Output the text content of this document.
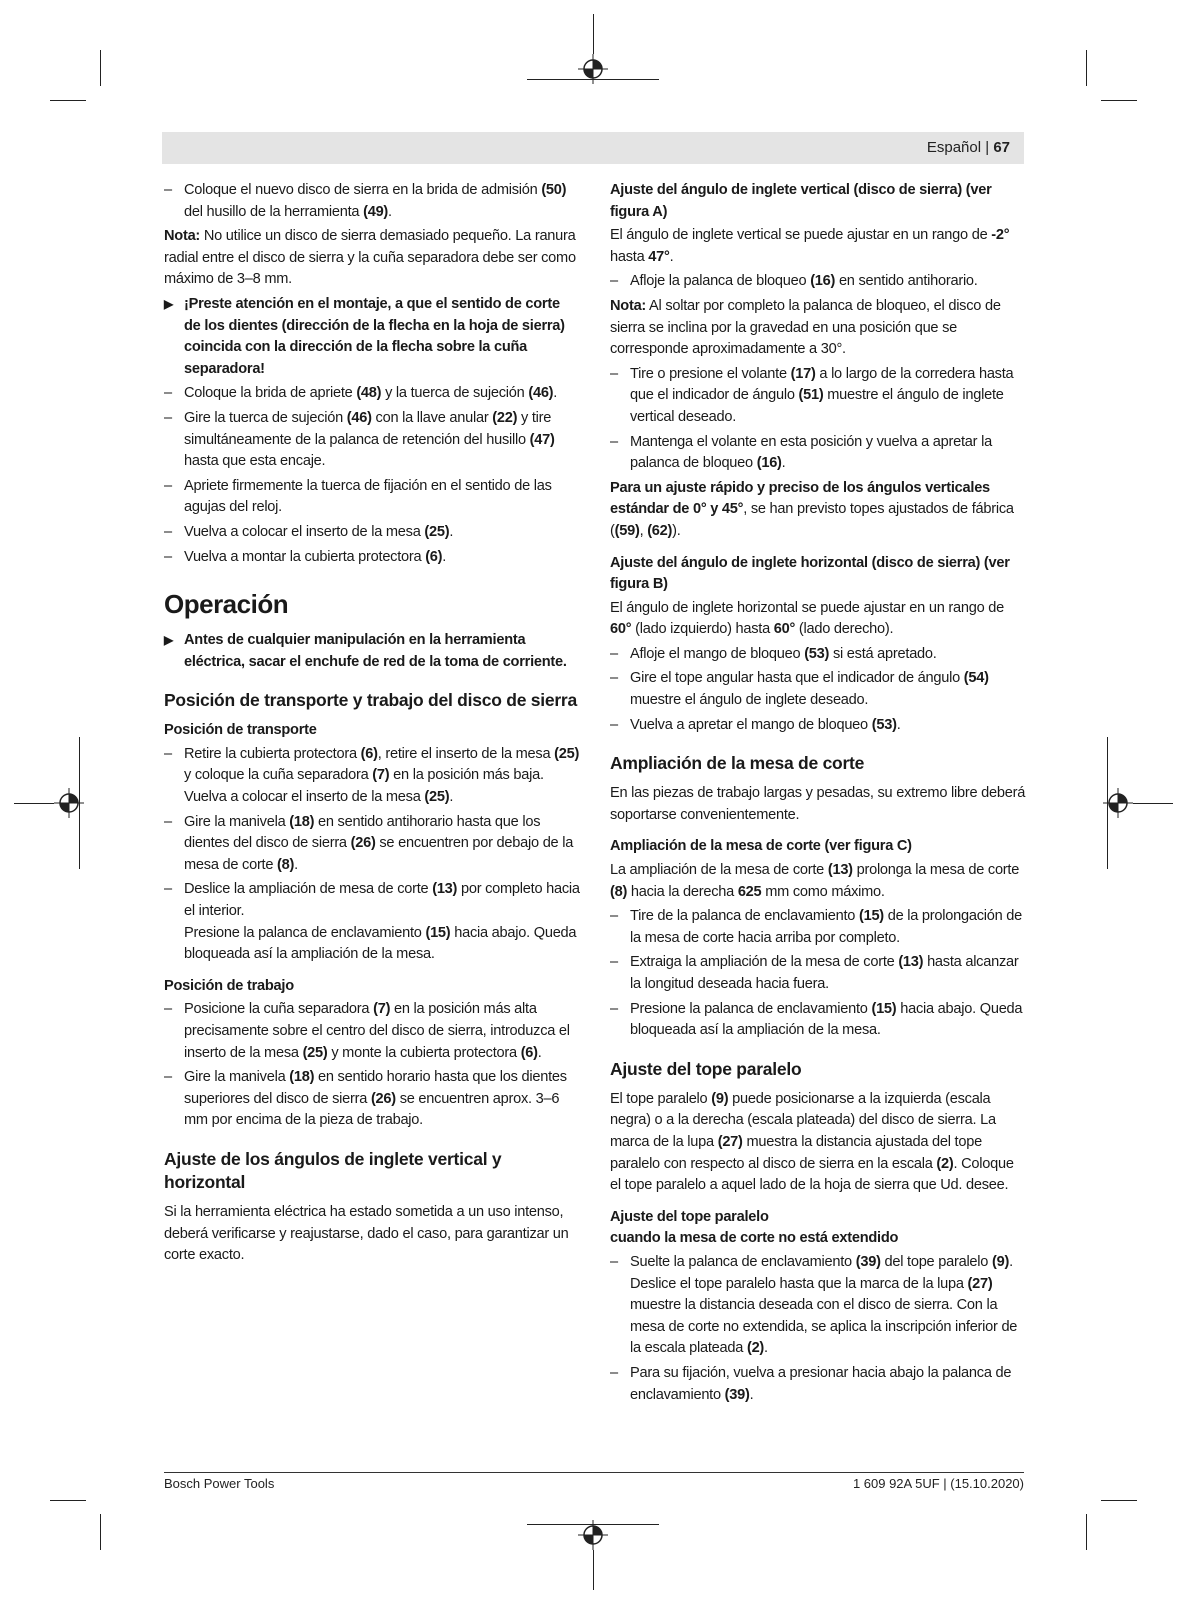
Español | 67
– Coloque el nuevo disco de sierra en la brida de admisión (50) del husillo de la herramienta (49).
Nota: No utilice un disco de sierra demasiado pequeño. La ranura radial entre el disco de sierra y la cuña separadora debe ser como máximo de 3–8 mm.
▶ ¡Preste atención en el montaje, a que el sentido de corte de los dientes (dirección de la flecha en la hoja de sierra) coincida con la dirección de la flecha sobre la cuña separadora!
– Coloque la brida de apriete (48) y la tuerca de sujeción (46).
– Gire la tuerca de sujeción (46) con la llave anular (22) y tire simultáneamente de la palanca de retención del husillo (47) hasta que esta encaje.
– Apriete firmemente la tuerca de fijación en el sentido de las agujas del reloj.
– Vuelva a colocar el inserto de la mesa (25).
– Vuelva a montar la cubierta protectora (6).
Operación
▶ Antes de cualquier manipulación en la herramienta eléctrica, sacar el enchufe de red de la toma de corriente.
Posición de transporte y trabajo del disco de sierra
Posición de transporte
– Retire la cubierta protectora (6), retire el inserto de la mesa (25) y coloque la cuña separadora (7) en la posición más baja. Vuelva a colocar el inserto de la mesa (25).
– Gire la manivela (18) en sentido antihorario hasta que los dientes del disco de sierra (26) se encuentren por debajo de la mesa de corte (8).
– Deslice la ampliación de mesa de corte (13) por completo hacia el interior.
Presione la palanca de enclavamiento (15) hacia abajo. Queda bloqueada así la ampliación de la mesa.
Posición de trabajo
– Posicione la cuña separadora (7) en la posición más alta precisamente sobre el centro del disco de sierra, introduzca el inserto de la mesa (25) y monte la cubierta protectora (6).
– Gire la manivela (18) en sentido horario hasta que los dientes superiores del disco de sierra (26) se encuentren aprox. 3–6 mm por encima de la pieza de trabajo.
Ajuste de los ángulos de inglete vertical y horizontal
Si la herramienta eléctrica ha estado sometida a un uso intenso, deberá verificarse y reajustarse, dado el caso, para garantizar un corte exacto.
Ajuste del ángulo de inglete vertical (disco de sierra) (ver figura A)
El ángulo de inglete vertical se puede ajustar en un rango de -2° hasta 47°.
– Afloje la palanca de bloqueo (16) en sentido antihorario.
Nota: Al soltar por completo la palanca de bloqueo, el disco de sierra se inclina por la gravedad en una posición que se corresponde aproximadamente a 30°.
– Tire o presione el volante (17) a lo largo de la corredera hasta que el indicador de ángulo (51) muestre el ángulo de inglete vertical deseado.
– Mantenga el volante en esta posición y vuelva a apretar la palanca de bloqueo (16).
Para un ajuste rápido y preciso de los ángulos verticales estándar de 0° y 45°, se han previsto topes ajustados de fábrica ((59), (62)).
Ajuste del ángulo de inglete horizontal (disco de sierra) (ver figura B)
El ángulo de inglete horizontal se puede ajustar en un rango de 60° (lado izquierdo) hasta 60° (lado derecho).
– Afloje el mango de bloqueo (53) si está apretado.
– Gire el tope angular hasta que el indicador de ángulo (54) muestre el ángulo de inglete deseado.
– Vuelva a apretar el mango de bloqueo (53).
Ampliación de la mesa de corte
En las piezas de trabajo largas y pesadas, su extremo libre deberá soportarse convenientemente.
Ampliación de la mesa de corte (ver figura C)
La ampliación de la mesa de corte (13) prolonga la mesa de corte (8) hacia la derecha 625 mm como máximo.
– Tire de la palanca de enclavamiento (15) de la prolongación de la mesa de corte hacia arriba por completo.
– Extraiga la ampliación de la mesa de corte (13) hasta alcanzar la longitud deseada hacia fuera.
– Presione la palanca de enclavamiento (15) hacia abajo. Queda bloqueada así la ampliación de la mesa.
Ajuste del tope paralelo
El tope paralelo (9) puede posicionarse a la izquierda (escala negra) o a la derecha (escala plateada) del disco de sierra. La marca de la lupa (27) muestra la distancia ajustada del tope paralelo con respecto al disco de sierra en la escala (2). Coloque el tope paralelo a aquel lado de la hoja de sierra que Ud. desee.
Ajuste del tope paralelo
cuando la mesa de corte no está extendido
– Suelte la palanca de enclavamiento (39) del tope paralelo (9). Deslice el tope paralelo hasta que la marca de la lupa (27) muestre la distancia deseada con el disco de sierra. Con la mesa de corte no extendida, se aplica la inscripción inferior de la escala plateada (2).
– Para su fijación, vuelva a presionar hacia abajo la palanca de enclavamiento (39).
Bosch Power Tools	1 609 92A 5UF | (15.10.2020)
